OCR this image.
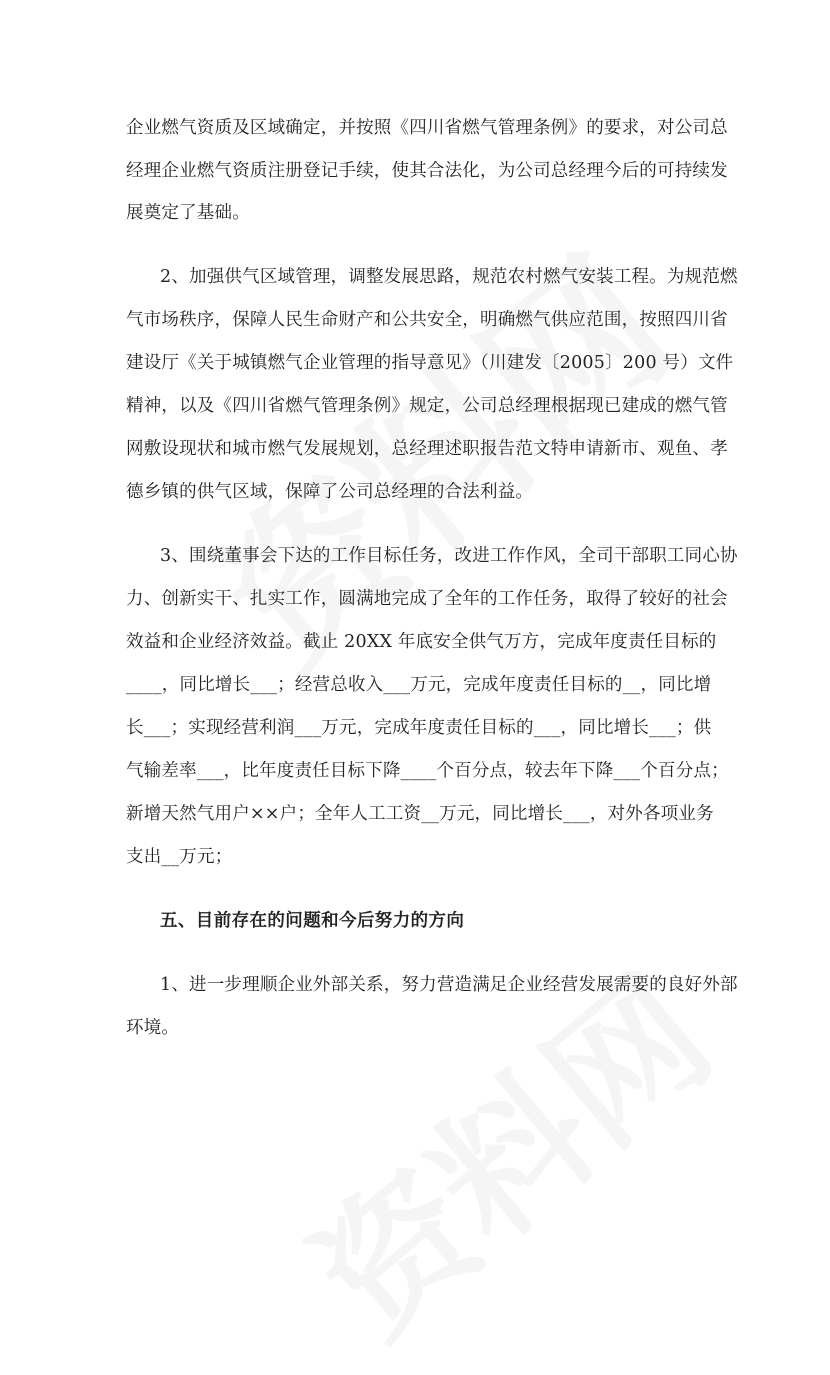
企业燃气资质及区域确定，并按照《四川省燃气管理条例》的要求，对公司总
经理企业燃气资质注册登记手续，使其合法化，为公司总经理今后的可持续发
展奠定了基础。
2、加强供气区域管理，调整发展思路，规范农村燃气安装工程。为规范燃
气市场秩序，保障人民生命财产和公共安全，明确燃气供应范围，按照四川省
建设厅《关于城镇燃气企业管理的指导意见》（川建发〔2005〕200 号）文件
精神，以及《四川省燃气管理条例》规定，公司总经理根据现已建成的燃气管
网敷设现状和城市燃气发展规划，总经理述职报告范文特申请新市、观鱼、孝
德乡镇的供气区域，保障了公司总经理的合法利益。
3、围绕董事会下达的工作目标任务，改进工作作风，全司干部职工同心协
力、创新实干、扎实工作，圆满地完成了全年的工作任务，取得了较好的社会
效益和企业经济效益。截止 20XX 年底安全供气万方，完成年度责任目标的
____，同比增长___；经营总收入___万元，完成年度责任目标的__，同比增
长___；实现经营利润___万元，完成年度责任目标的___，同比增长___；供
气输差率___，比年度责任目标下降____个百分点，较去年下降___个百分点；
新增天然气用户××户；全年人工工资__万元，同比增长___，对外各项业务
支出__万元；
五、目前存在的问题和今后努力的方向
1、进一步理顺企业外部关系，努力营造满足企业经营发展需要的良好外部
环境。
